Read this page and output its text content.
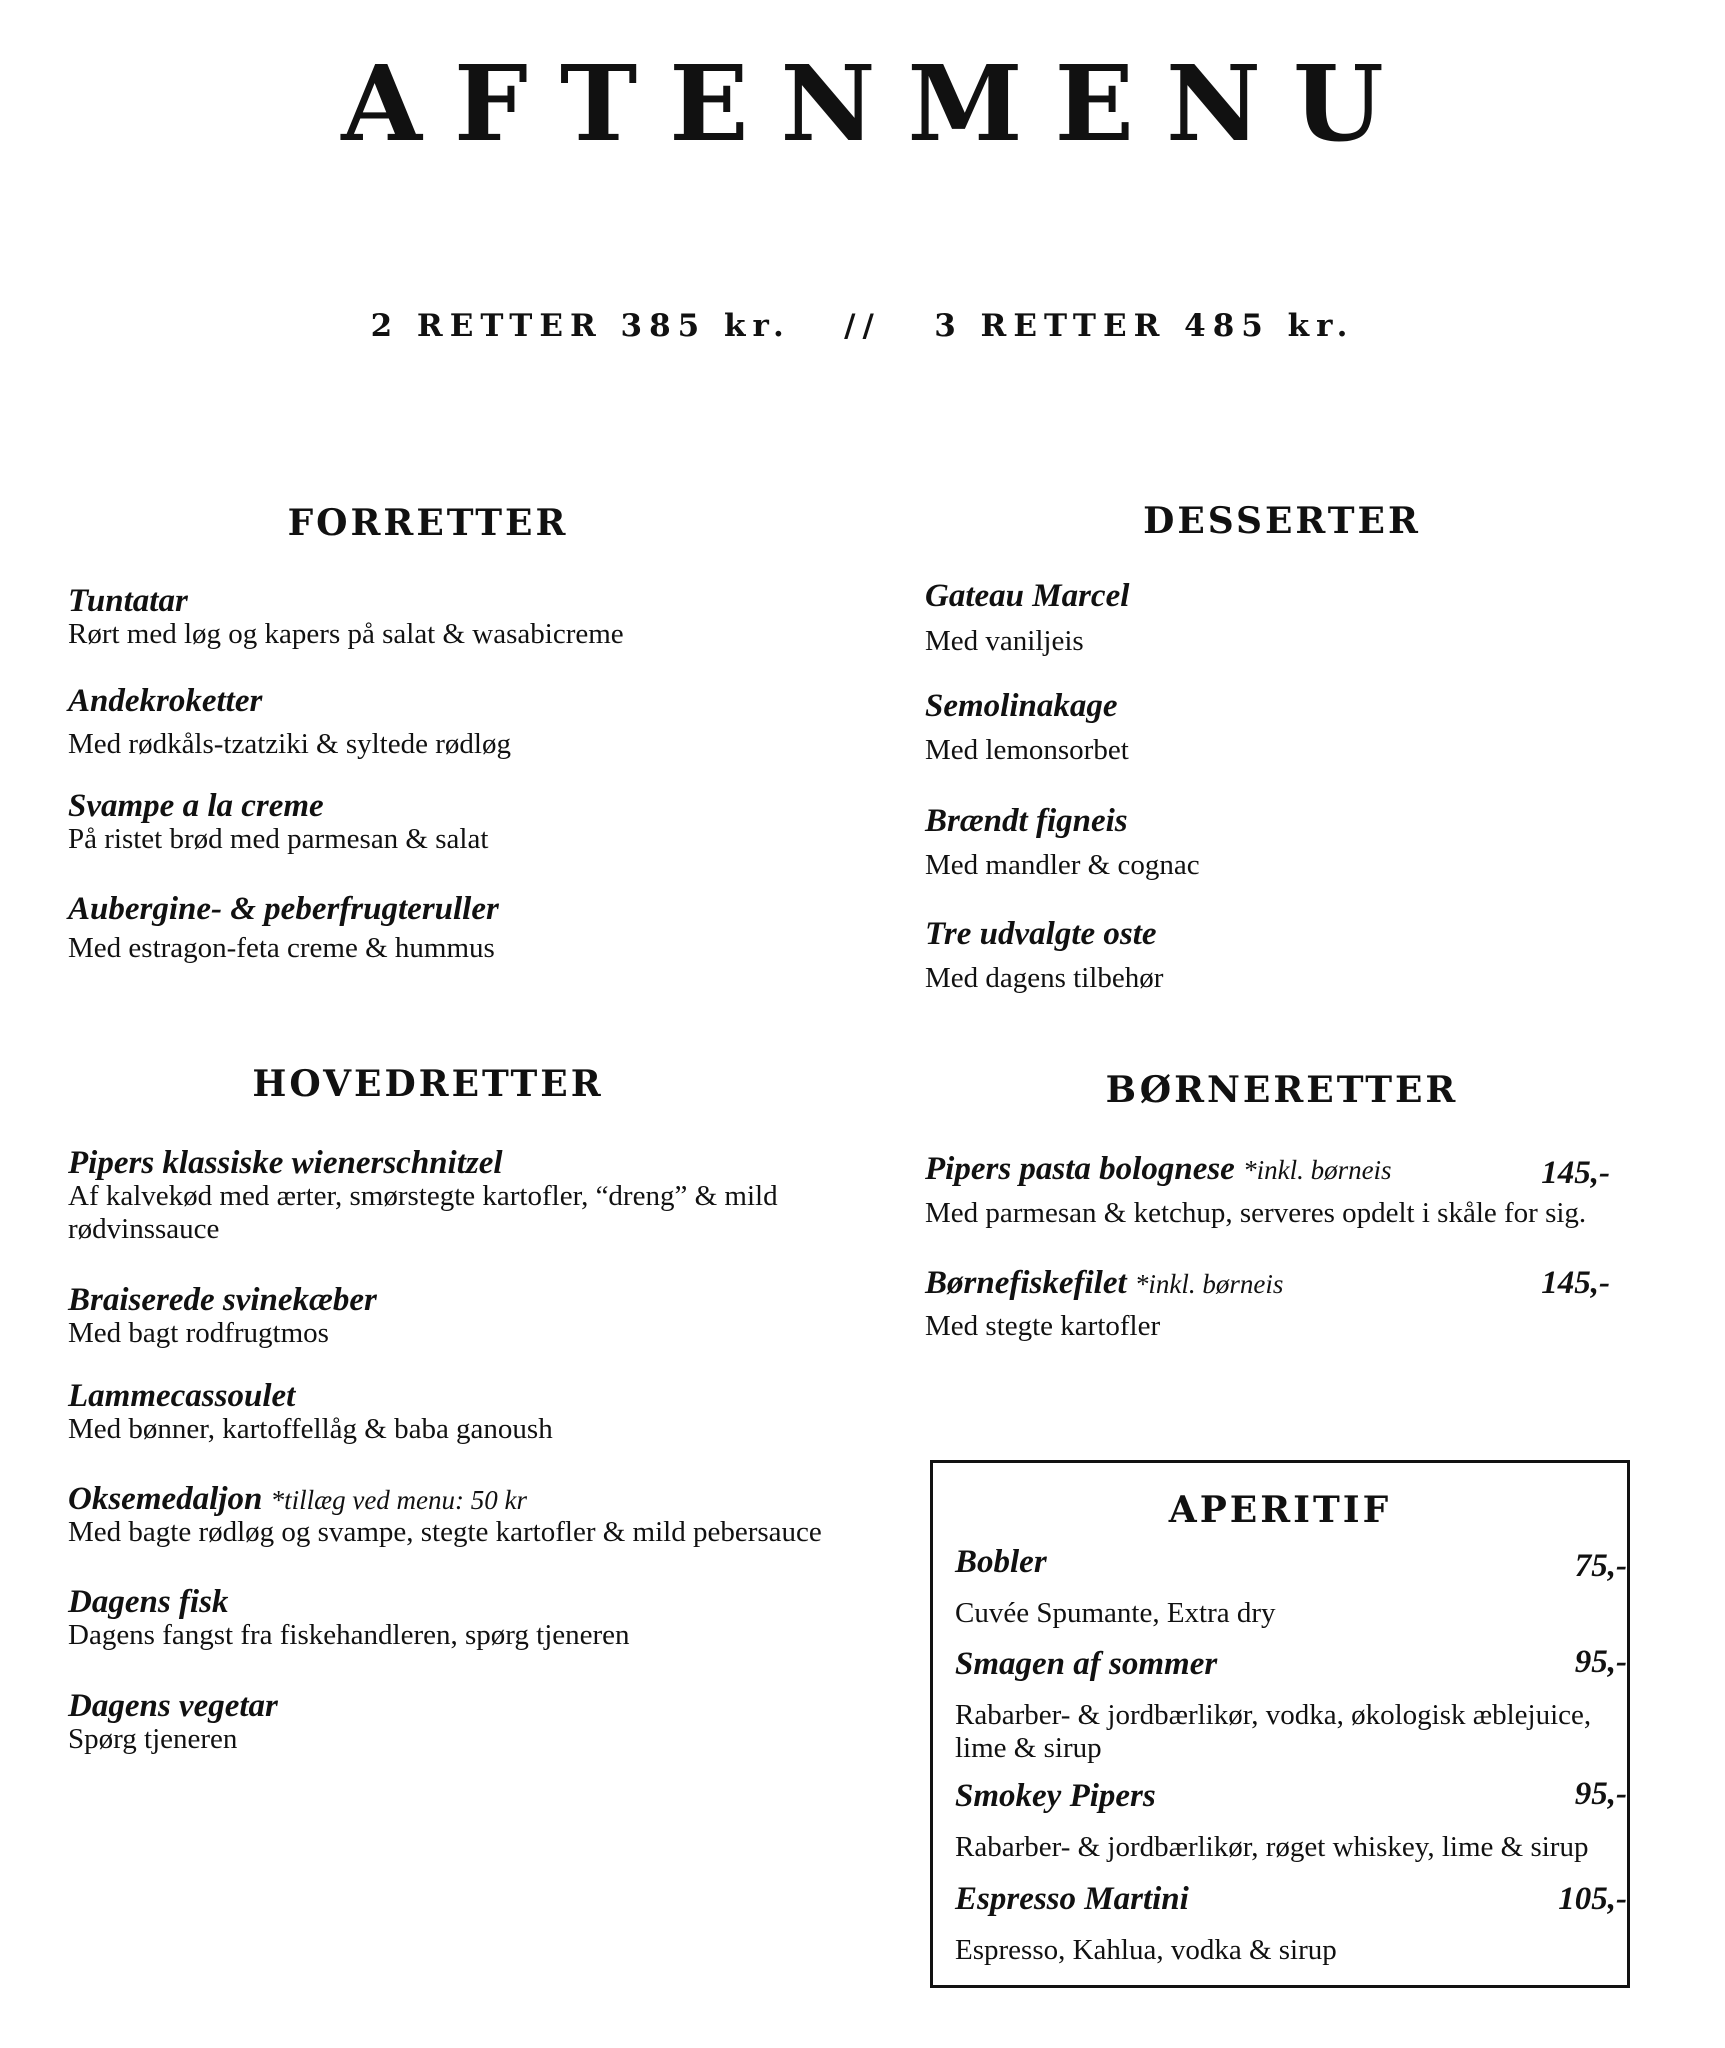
AFTENMENU
2 RETTER 385 kr.   //   3 RETTER 485 kr.
FORRETTER
Tuntatar
Rørt med løg og kapers på salat & wasabicreme
Andekroketter
Med rødkåls-tzatziki & syltede rødløg
Svampe a la creme
På ristet brød med parmesan & salat
Aubergine- & peberfrugteruller
Med estragon-feta creme & hummus
HOVEDRETTER
Pipers klassiske wienerschnitzel
Af kalvekød med ærter, smørstegte kartofler, “dreng” & mild rødvinssauce
Braiserede svinekæber
Med bagt rodfrugtmos
Lammecassoulet
Med bønner, kartoffellåg & baba ganoush
Oksemedaljon *tillæg ved menu: 50 kr
Med bagte rødløg og svampe, stegte kartofler & mild pebersauce
Dagens fisk
Dagens fangst fra fiskehandleren, spørg tjeneren
Dagens vegetar
Spørg tjeneren
DESSERTER
Gateau Marcel
Med vaniljeis
Semolinakage
Med lemonsorbet
Brændt figneis
Med mandler & cognac
Tre udvalgte oste
Med dagens tilbehør
BØRNERETTER
Pipers pasta bolognese *inkl. børneis	145,-
Med parmesan & ketchup, serveres opdelt i skåle for sig.
Børnefiskefilet *inkl. børneis	145,-
Med stegte kartofler
APERITIF
Bobler	75,-
Cuvée Spumante, Extra dry
Smagen af sommer	95,-
Rabarber- & jordbærlikør, vodka, økologisk æblejuice, lime & sirup
Smokey Pipers	95,-
Rabarber- & jordbærlikør, røget whiskey, lime & sirup
Espresso Martini	105,-
Espresso, Kahlua, vodka & sirup
